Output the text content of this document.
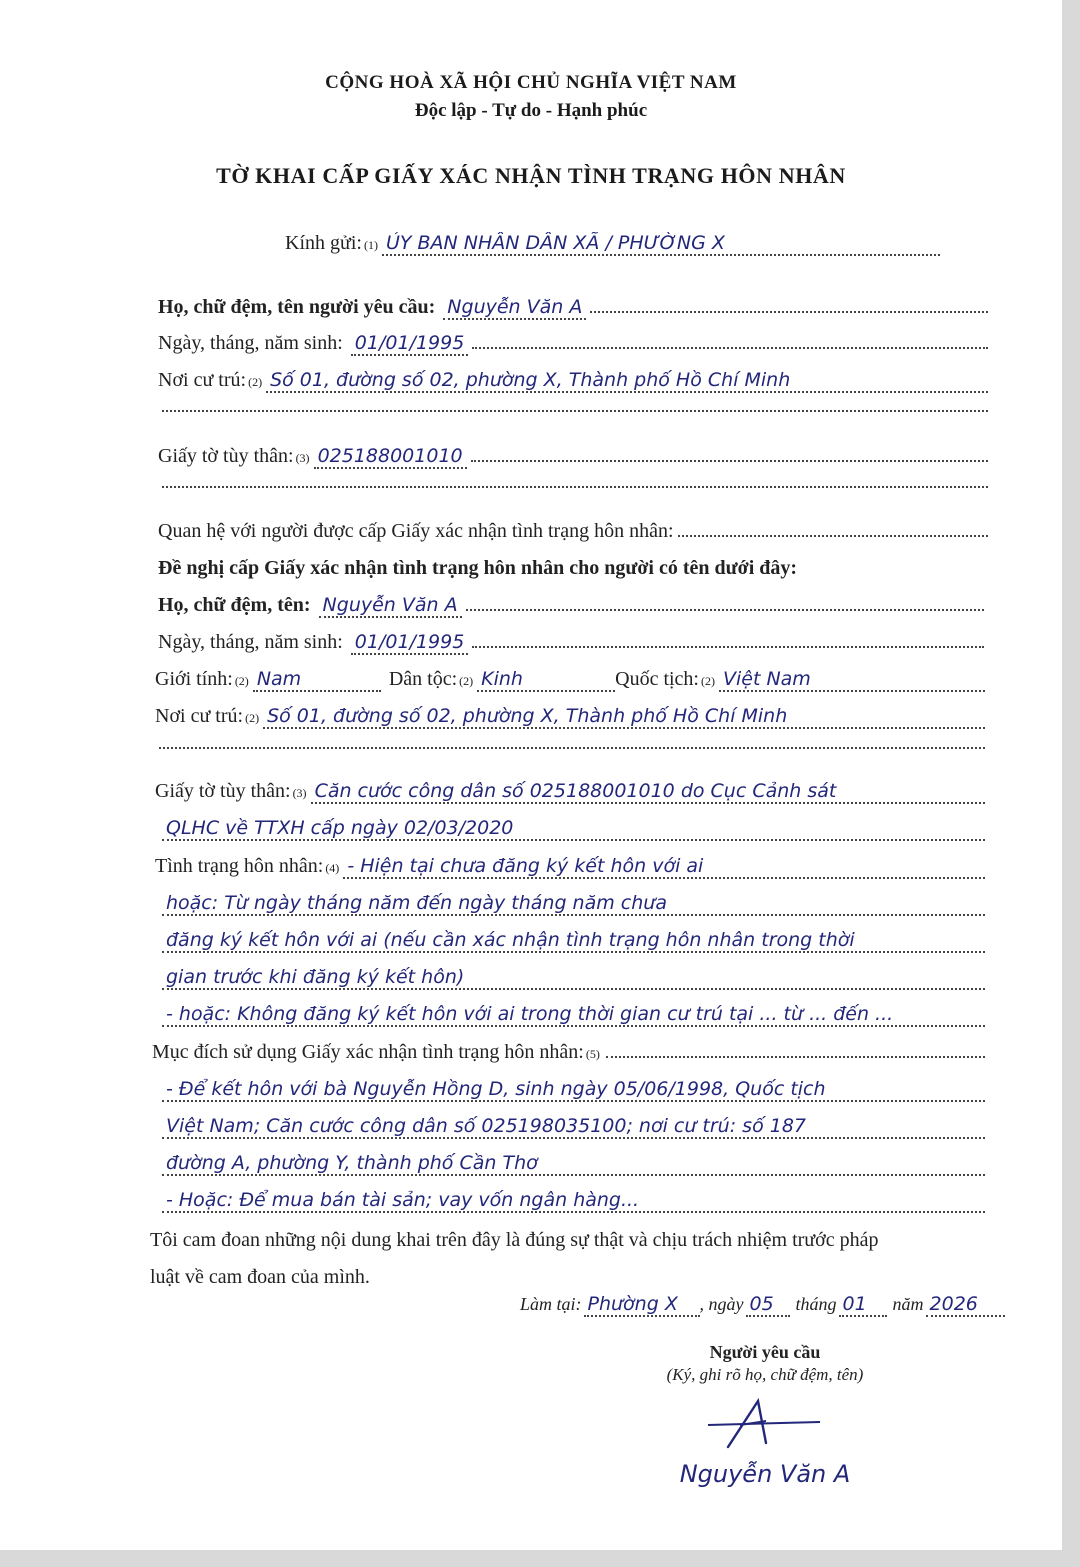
CỘNG HOÀ XÃ HỘI CHỦ NGHĨA VIỆT NAM
Độc lập - Tự do - Hạnh phúc
TỜ KHAI CẤP GIẤY XÁC NHẬN TÌNH TRẠNG HÔN NHÂN
Kính gửi: (1) ỦY BAN NHÂN DÂN XÃ / PHƯỜNG X
Họ, chữ đệm, tên người yêu cầu: Nguyễn Văn A
Ngày, tháng, năm sinh: 01/01/1995
Nơi cư trú: (2) Số 01, đường số 02, phường X, Thành phố Hồ Chí Minh
Giấy tờ tùy thân: (3) 025188001010
Quan hệ với người được cấp Giấy xác nhận tình trạng hôn nhân:
Đề nghị cấp Giấy xác nhận tình trạng hôn nhân cho người có tên dưới đây:
Họ, chữ đệm, tên: Nguyễn Văn A
Ngày, tháng, năm sinh: 01/01/1995
Giới tính: (2) Nam	Dân tộc: (2) Kinh	Quốc tịch: (2) Việt Nam
Nơi cư trú: (2) Số 01, đường số 02, phường X, Thành phố Hồ Chí Minh
Giấy tờ tùy thân: (3) Căn cước công dân số 025188001010 do Cục Cảnh sát
QLHC về TTXH cấp ngày 02/03/2020
Tình trạng hôn nhân: (4) - Hiện tại chưa đăng ký kết hôn với ai
hoặc: Từ ngày tháng năm đến ngày tháng năm chưa
đăng ký kết hôn với ai (nếu cần xác nhận tình trạng hôn nhân trong thời
gian trước khi đăng ký kết hôn)
- hoặc: Không đăng ký kết hôn với ai trong thời gian cư trú tại ... từ ... đến ...
Mục đích sử dụng Giấy xác nhận tình trạng hôn nhân: (5)
- Để kết hôn với bà Nguyễn Hồng D, sinh ngày 05/06/1998, Quốc tịch
Việt Nam; Căn cước công dân số 025198035100; nơi cư trú: số 187
đường A, phường Y, thành phố Cần Thơ
- Hoặc: Để mua bán tài sản; vay vốn ngân hàng...
Tôi cam đoan những nội dung khai trên đây là đúng sự thật và chịu trách nhiệm trước pháp
luật về cam đoan của mình.
Làm tại: Phường X	, ngày 05	tháng 01	năm 2026
Người yêu cầu
(Ký, ghi rõ họ, chữ đệm, tên)
Nguyễn Văn A
